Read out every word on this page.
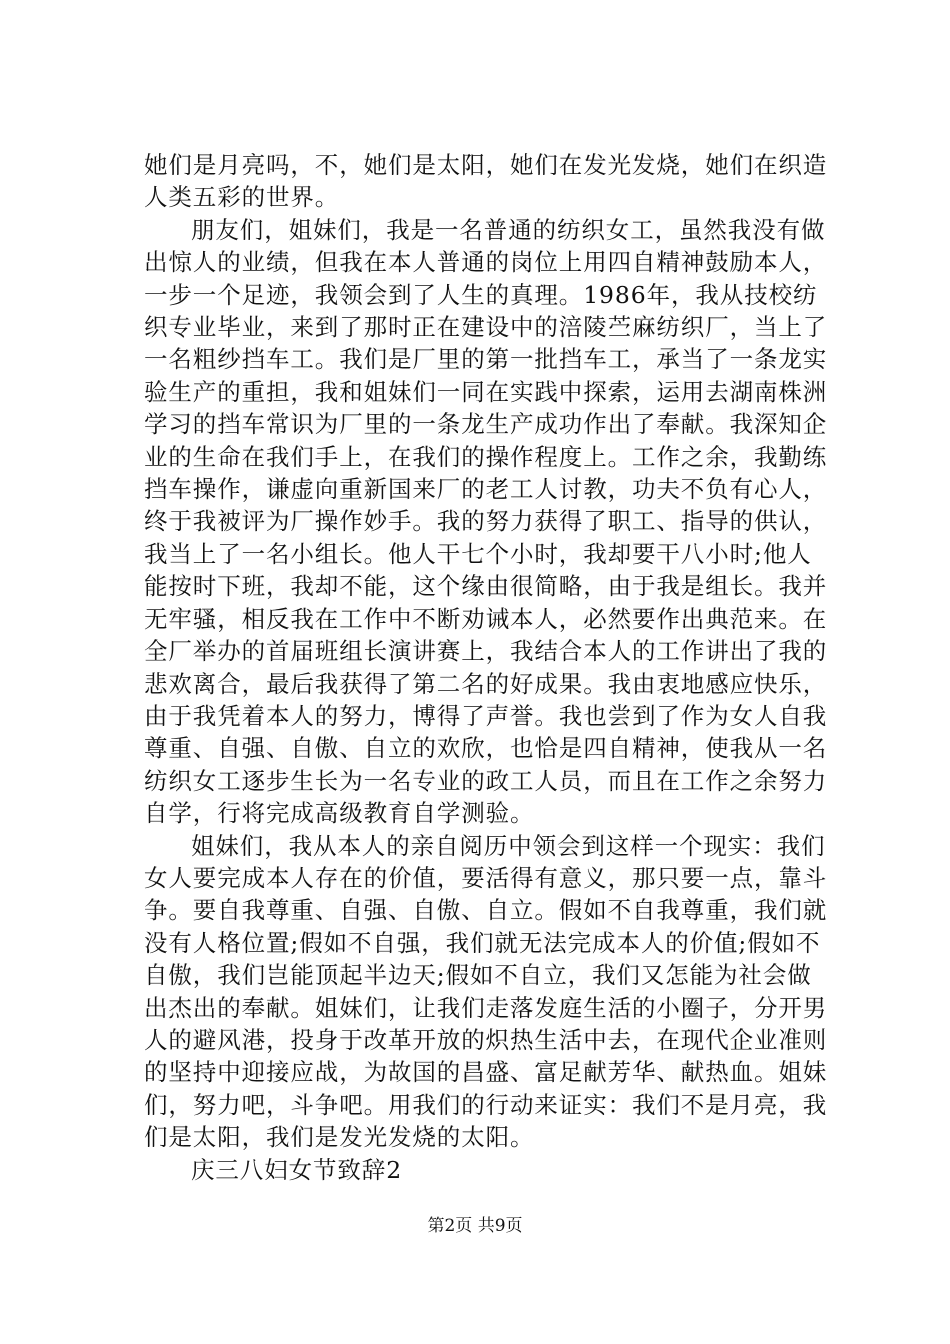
她们是月亮吗，不，她们是太阳，她们在发光发烧，她们在织造人类五彩的世界。

朋友们，姐妹们，我是一名普通的纺织女工，虽然我没有做出惊人的业绩，但我在本人普通的岗位上用四自精神鼓励本人，一步一个足迹，我领会到了人生的真理。1986年，我从技校纺织专业毕业，来到了那时正在建设中的涪陵苎麻纺织厂，当上了一名粗纱挡车工。我们是厂里的第一批挡车工，承当了一条龙实验生产的重担，我和姐妹们一同在实践中探索，运用去湖南株洲学习的挡车常识为厂里的一条龙生产成功作出了奉献。我深知企业的生命在我们手上，在我们的操作程度上。工作之余，我勤练挡车操作，谦虚向重新国来厂的老工人讨教，功夫不负有心人，终于我被评为厂操作妙手。我的努力获得了职工、指导的供认，我当上了一名小组长。他人干七个小时，我却要干八小时;他人能按时下班，我却不能，这个缘由很简略，由于我是组长。我并无牢骚，相反我在工作中不断劝诫本人，必然要作出典范来。在全厂举办的首届班组长演讲赛上，我结合本人的工作讲出了我的悲欢离合，最后我获得了第二名的好成果。我由衷地感应快乐，由于我凭着本人的努力，博得了声誉。我也尝到了作为女人自我尊重、自强、自傲、自立的欢欣，也恰是四自精神，使我从一名纺织女工逐步生长为一名专业的政工人员，而且在工作之余努力自学，行将完成高级教育自学测验。

姐妹们，我从本人的亲自阅历中领会到这样一个现实：我们女人要完成本人存在的价值，要活得有意义，那只要一点，靠斗争。要自我尊重、自强、自傲、自立。假如不自我尊重，我们就没有人格位置;假如不自强，我们就无法完成本人的价值;假如不自傲，我们岂能顶起半边天;假如不自立，我们又怎能为社会做出杰出的奉献。姐妹们，让我们走落发庭生活的小圈子，分开男人的避风港，投身于改革开放的炽热生活中去，在现代企业准则的坚持中迎接应战，为故国的昌盛、富足献芳华、献热血。姐妹们，努力吧，斗争吧。用我们的行动来证实：我们不是月亮，我们是太阳，我们是发光发烧的太阳。

庆三八妇女节致辞2

第2页 共9页
